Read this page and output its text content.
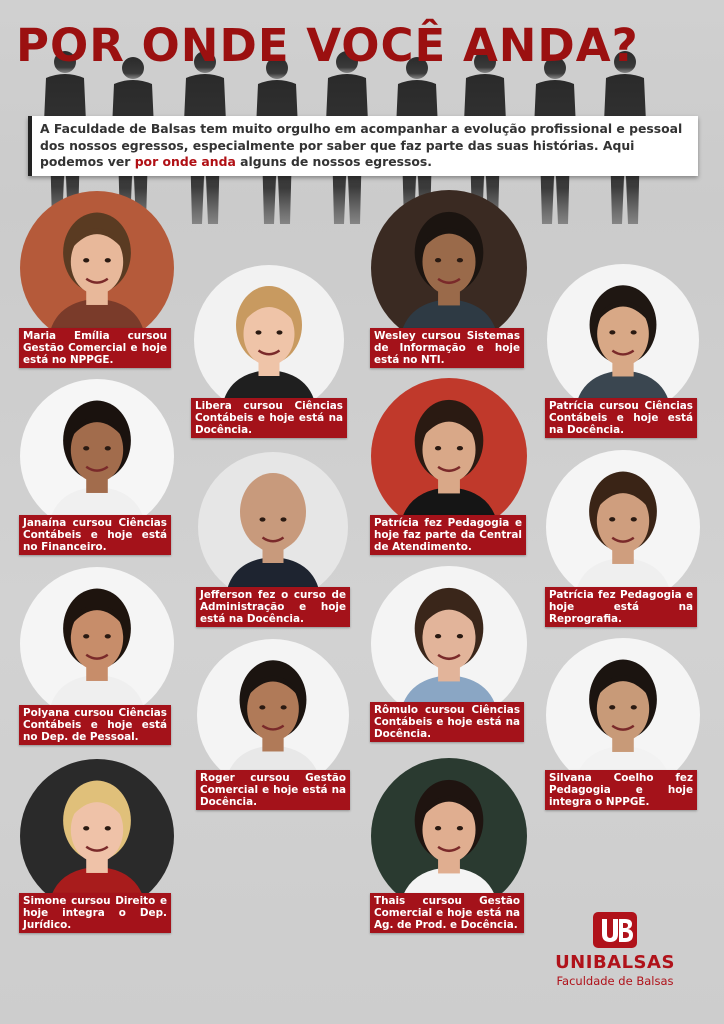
POR ONDE VOCÊ ANDA?

A Faculdade de Balsas tem muito orgulho em acompanhar a evolução profissional e pessoal dos nossos egressos, especialmente por saber que faz parte das suas histórias. Aqui podemos ver por onde anda alguns de nossos egressos.

Maria Emília cursou Gestão Comercial e hoje está no NPPGE.
Libera cursou Ciências Contábeis e hoje está na Docência.
Wesley cursou Sistemas de Informação e hoje está no NTI.
Patrícia cursou Ciências Contábeis e hoje está na Docência.
Janaína cursou Ciências Contábeis e hoje está no Financeiro.
Jefferson fez o curso de Administração e hoje está na Docência.
Patrícia fez Pedagogia e hoje faz parte da Central de Atendimento.
Patrícia fez Pedagogia e hoje está na Reprografia.
Polyana cursou Ciências Contábeis e hoje está no Dep. de Pessoal.
Rômulo cursou Ciências Contábeis e hoje está na Docência.
Roger cursou Gestão Comercial e hoje está na Docência.
Silvana Coelho fez Pedagogia e hoje integra o NPPGE.
Simone cursou Direito e hoje integra o Dep. Jurídico.
Thais cursou Gestão Comercial e hoje está na Ag. de Prod. e Docência.
UNIBALSAS
Faculdade de Balsas
